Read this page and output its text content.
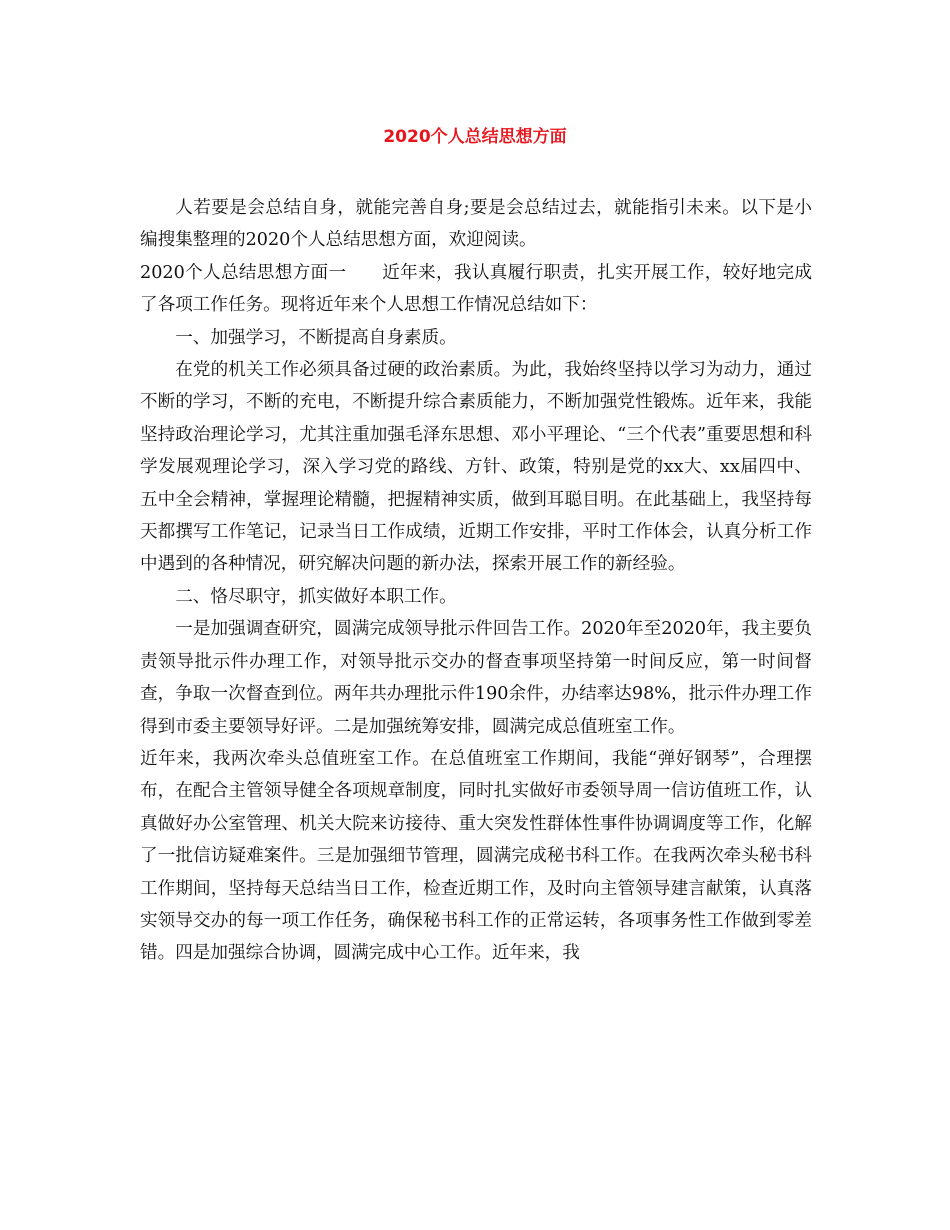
2020个人总结思想方面

人若要是会总结自身，就能完善自身;要是会总结过去，就能指引未来。以下是小编搜集整理的2020个人总结思想方面，欢迎阅读。

2020个人总结思想方面一　　近年来，我认真履行职责，扎实开展工作，较好地完成了各项工作任务。现将近年来个人思想工作情况总结如下：

一、加强学习，不断提高自身素质。

在党的机关工作必须具备过硬的政治素质。为此，我始终坚持以学习为动力，通过不断的学习，不断的充电，不断提升综合素质能力，不断加强党性锻炼。近年来，我能坚持政治理论学习，尤其注重加强毛泽东思想、邓小平理论、“三个代表”重要思想和科学发展观理论学习，深入学习党的路线、方针、政策，特别是党的xx大、xx届四中、五中全会精神，掌握理论精髓，把握精神实质，做到耳聪目明。在此基础上，我坚持每天都撰写工作笔记，记录当日工作成绩，近期工作安排，平时工作体会，认真分析工作中遇到的各种情况，研究解决问题的新办法，探索开展工作的新经验。

二、恪尽职守，抓实做好本职工作。

一是加强调查研究，圆满完成领导批示件回告工作。2020年至2020年，我主要负责领导批示件办理工作，对领导批示交办的督查事项坚持第一时间反应，第一时间督查，争取一次督查到位。两年共办理批示件190余件，办结率达98%，批示件办理工作得到市委主要领导好评。二是加强统筹安排，圆满完成总值班室工作。

近年来，我两次牵头总值班室工作。在总值班室工作期间，我能“弹好钢琴”，合理摆布，在配合主管领导健全各项规章制度，同时扎实做好市委领导周一信访值班工作，认真做好办公室管理、机关大院来访接待、重大突发性群体性事件协调调度等工作，化解了一批信访疑难案件。三是加强细节管理，圆满完成秘书科工作。在我两次牵头秘书科工作期间，坚持每天总结当日工作，检查近期工作，及时向主管领导建言献策，认真落实领导交办的每一项工作任务，确保秘书科工作的正常运转，各项事务性工作做到零差错。四是加强综合协调，圆满完成中心工作。近年来，我
